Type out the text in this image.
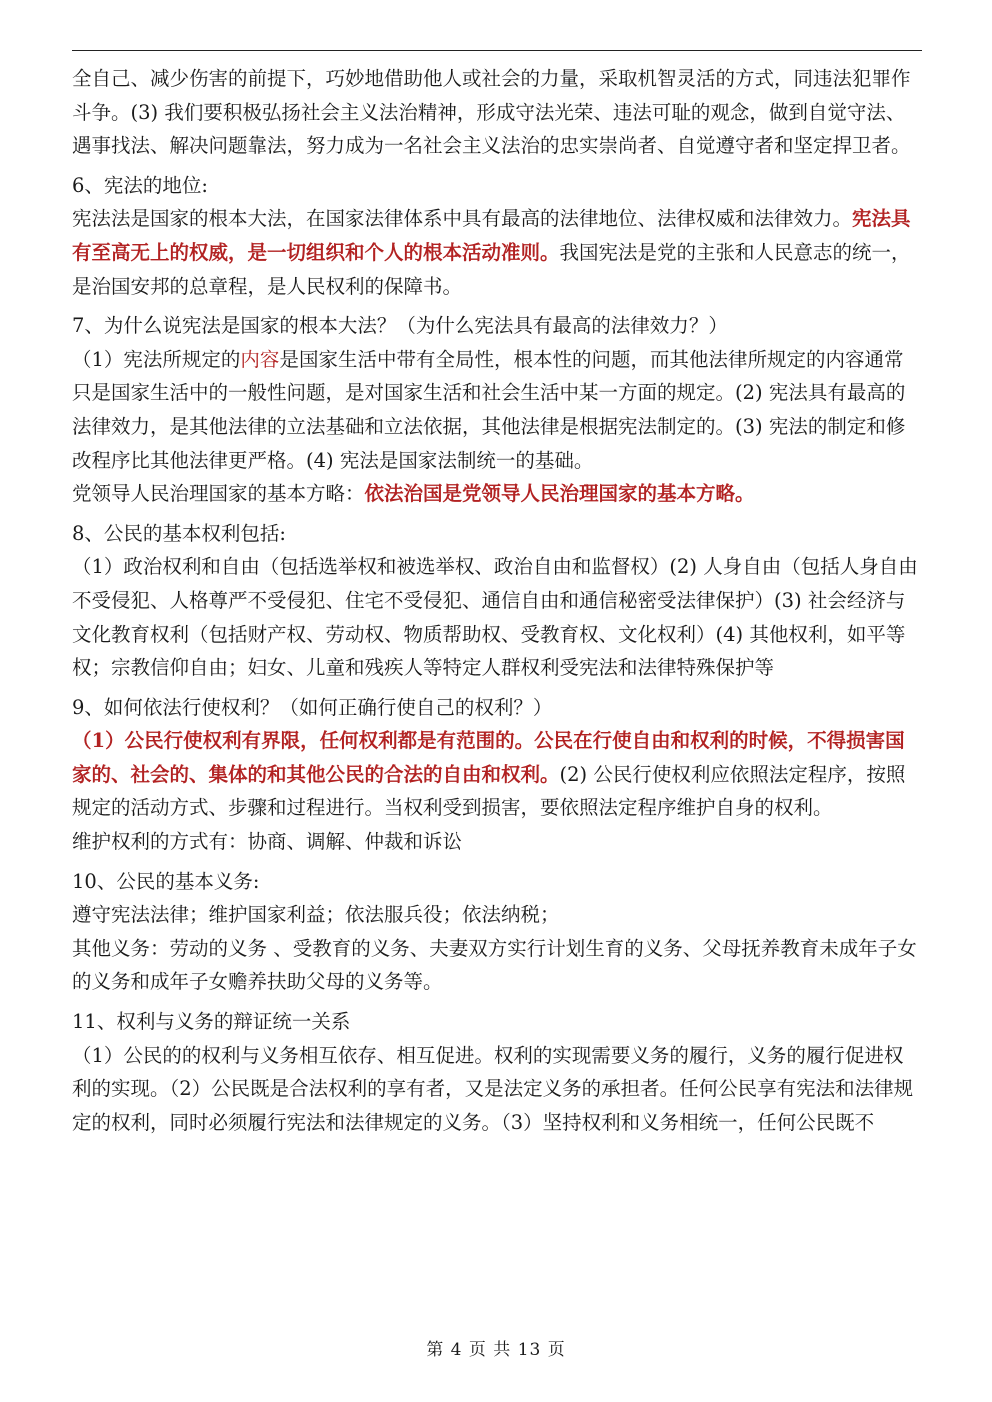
全自己、减少伤害的前提下，巧妙地借助他人或社会的力量，采取机智灵活的方式，同违法犯罪作斗争。(3) 我们要积极弘扬社会主义法治精神，形成守法光荣、违法可耻的观念，做到自觉守法、遇事找法、解决问题靠法，努力成为一名社会主义法治的忠实崇尚者、自觉遵守者和坚定捍卫者。

6、宪法的地位:

宪法法是国家的根本大法，在国家法律体系中具有最高的法律地位、法律权威和法律效力。宪法具有至高无上的权威，是一切组织和个人的根本活动准则。我国宪法是党的主张和人民意志的统一，是治国安邦的总章程，是人民权利的保障书。

7、为什么说宪法是国家的根本大法？（为什么宪法具有最高的法律效力？）

（1）宪法所规定的内容是国家生活中带有全局性，根本性的问题，而其他法律所规定的内容通常只是国家生活中的一般性问题，是对国家生活和社会生活中某一方面的规定。(2) 宪法具有最高的法律效力，是其他法律的立法基础和立法依据，其他法律是根据宪法制定的。(3) 宪法的制定和修改程序比其他法律更严格。(4) 宪法是国家法制统一的基础。

党领导人民治理国家的基本方略：依法治国是党领导人民治理国家的基本方略。

8、公民的基本权利包括:

（1）政治权利和自由（包括选举权和被选举权、政治自由和监督权）(2) 人身自由（包括人身自由不受侵犯、人格尊严不受侵犯、住宅不受侵犯、通信自由和通信秘密受法律保护）(3) 社会经济与文化教育权利（包括财产权、劳动权、物质帮助权、受教育权、文化权利）(4) 其他权利，如平等权；宗教信仰自由；妇女、儿童和残疾人等特定人群权利受宪法和法律特殊保护等

9、如何依法行使权利？（如何正确行使自己的权利？）

（1）公民行使权利有界限，任何权利都是有范围的。公民在行使自由和权利的时候，不得损害国家的、社会的、集体的和其他公民的合法的自由和权利。(2) 公民行使权利应依照法定程序，按照规定的活动方式、步骤和过程进行。当权利受到损害，要依照法定程序维护自身的权利。

维护权利的方式有：协商、调解、仲裁和诉讼

10、公民的基本义务:

遵守宪法法律；维护国家利益；依法服兵役；依法纳税；

其他义务：劳动的义务 、受教育的义务、夫妻双方实行计划生育的义务、父母抚养教育未成年子女的义务和成年子女赡养扶助父母的义务等。

11、权利与义务的辩证统一关系

（1）公民的的权利与义务相互依存、相互促进。权利的实现需要义务的履行，义务的履行促进权利的实现。（2）公民既是合法权利的享有者，又是法定义务的承担者。任何公民享有宪法和法律规定的权利，同时必须履行宪法和法律规定的义务。（3）坚持权利和义务相统一，任何公民既不

第 4 页 共 13 页
